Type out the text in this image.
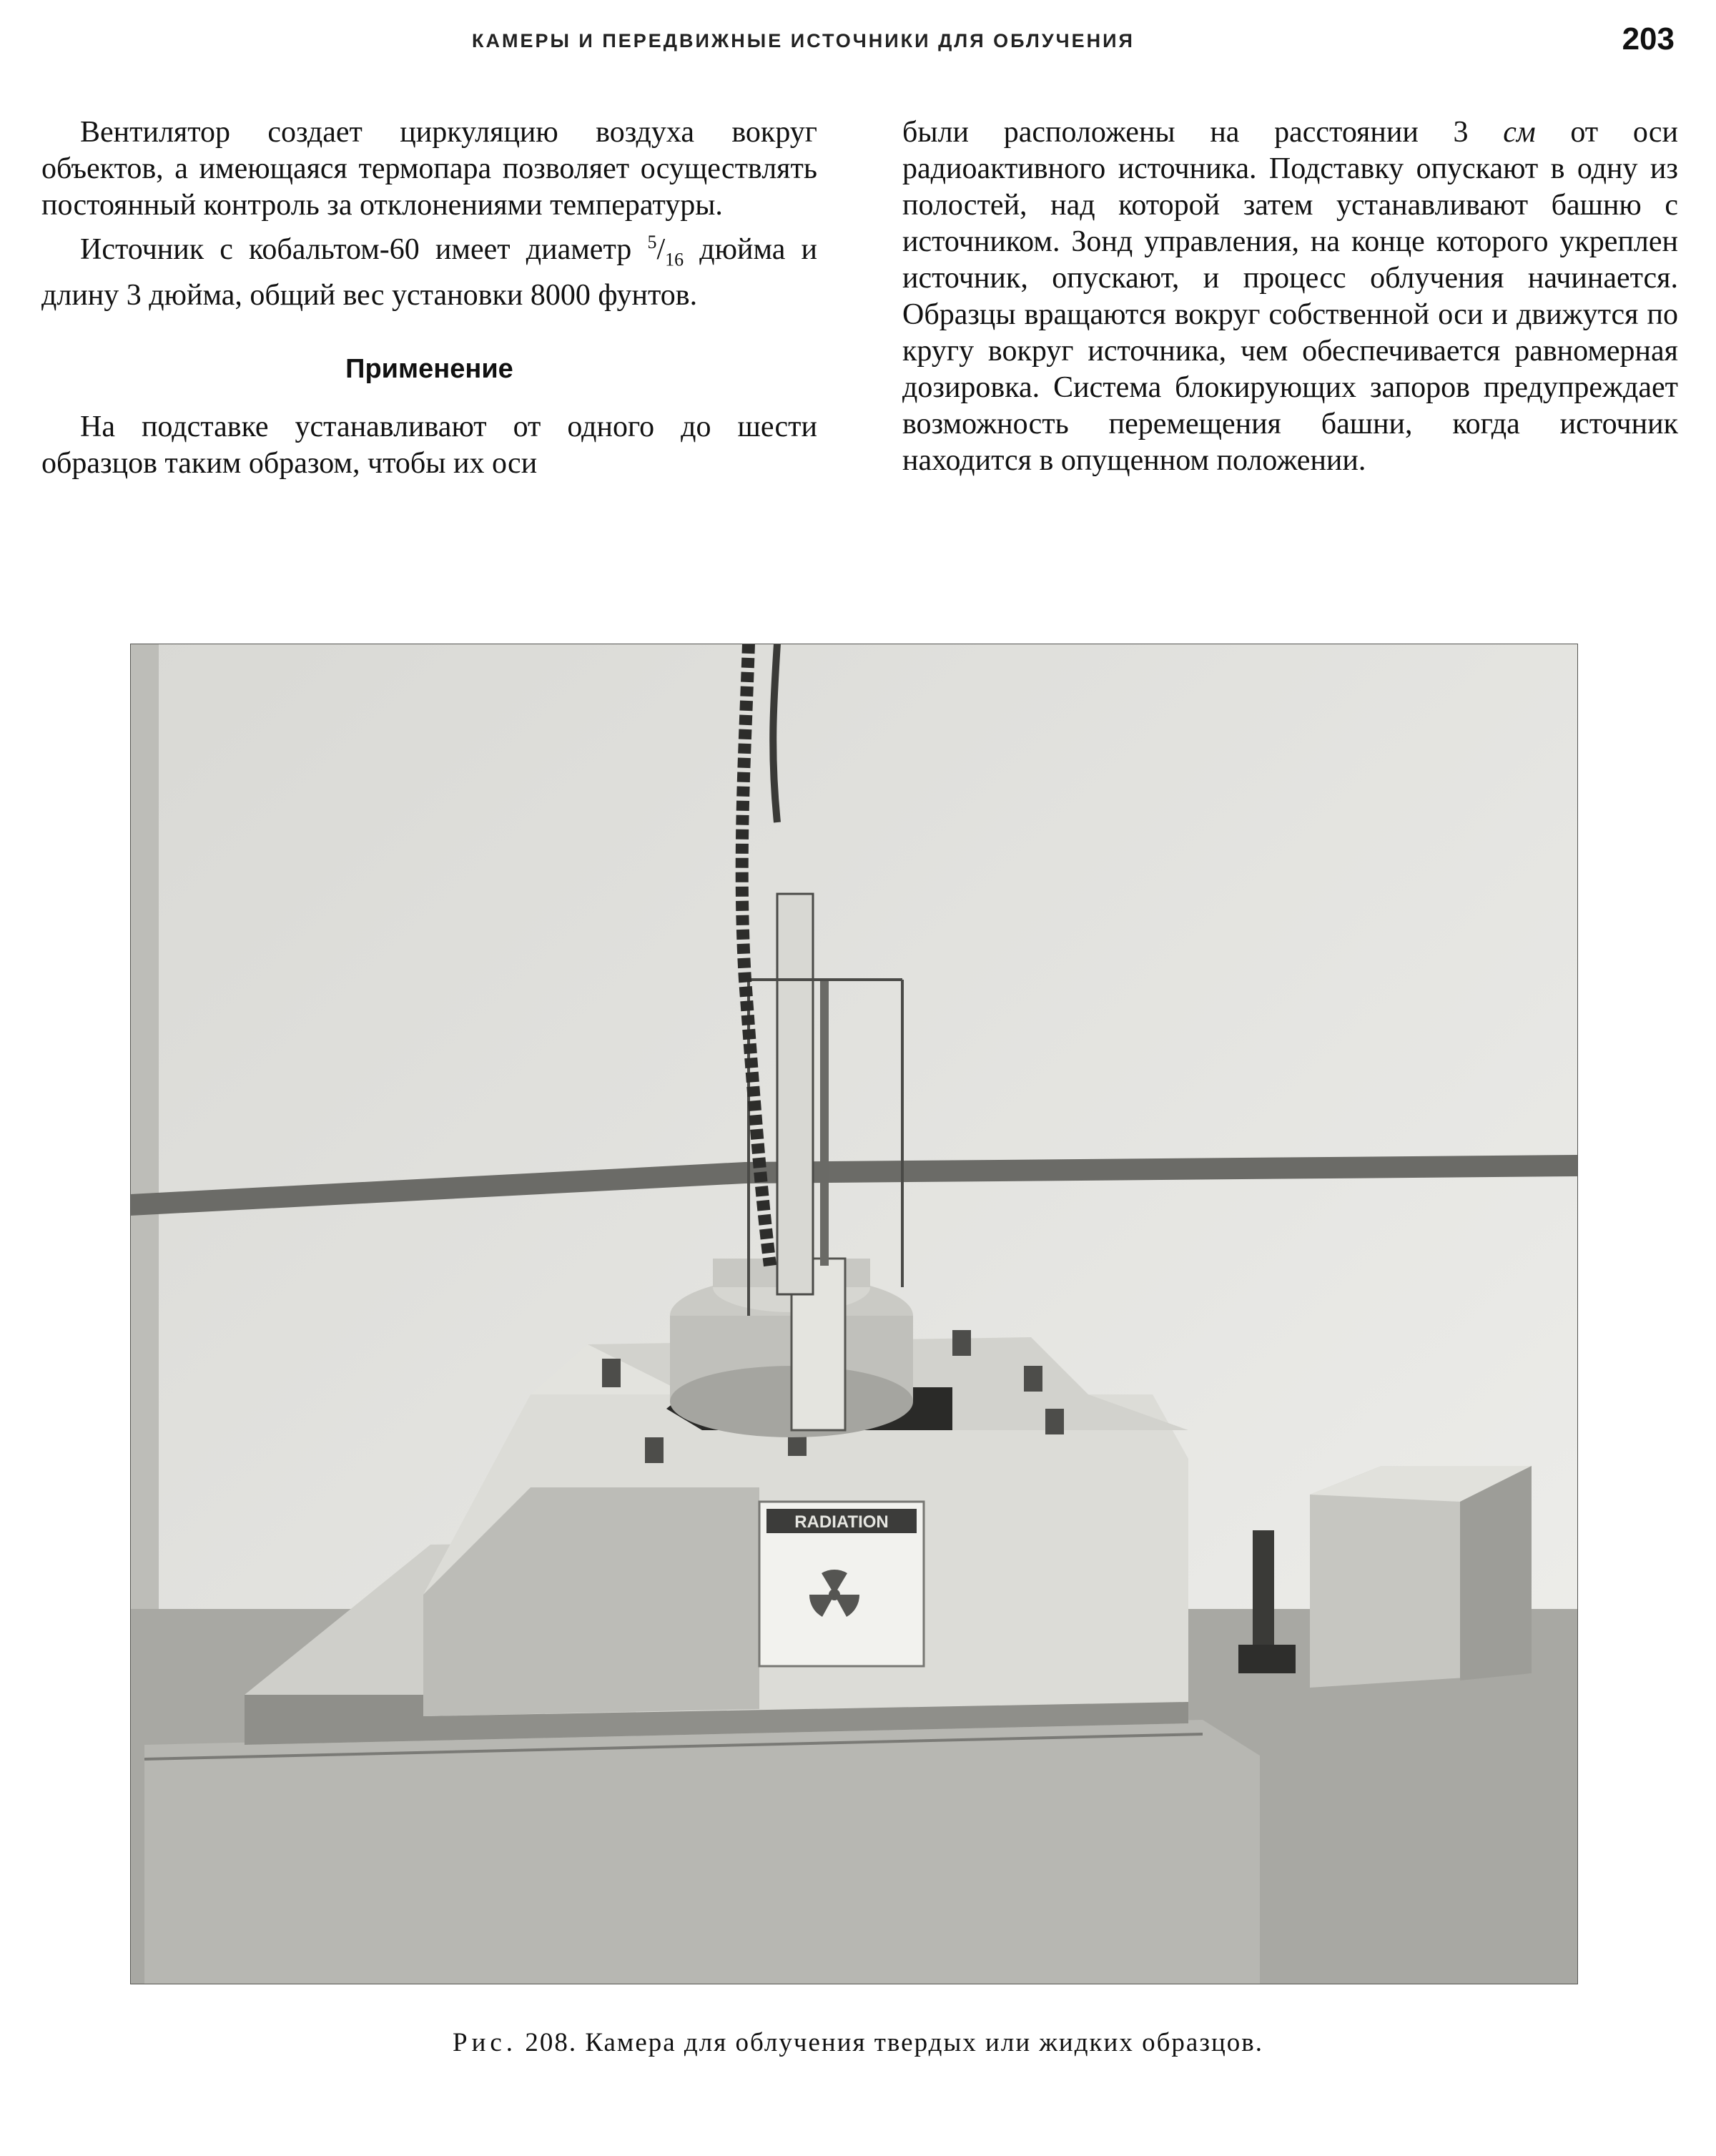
КАМЕРЫ И ПЕРЕДВИЖНЫЕ ИСТОЧНИКИ ДЛЯ ОБЛУЧЕНИЯ	203

Вентилятор создает циркуляцию воздуха вокруг объектов, а имеющаяся термопара позволяет осуществлять постоянный контроль за отклонениями температуры.

Источник с кобальтом-60 имеет диаметр $^5/_{16}$ дюйма и длину 3 дюйма, общий вес установки 8000 фунтов.

Применение

На подставке устанавливают от одного до шести образцов таким образом, чтобы их оси

были расположены на расстоянии 3 см от оси радиоактивного источника. Подставку опускают в одну из полостей, над которой затем устанавливают башню с источником. Зонд управления, на конце которого укреплен источник, опускают, и процесс облучения начинается. Образцы вращаются вокруг собственной оси и движутся по кругу вокруг источника, чем обеспечивается равномерная дозировка. Система блокирующих запоров предупреждает возможность перемещения башни, когда источник находится в опущенном положении.

RADIATION
Рис. 208. Камера для облучения твердых или жидких образцов.
